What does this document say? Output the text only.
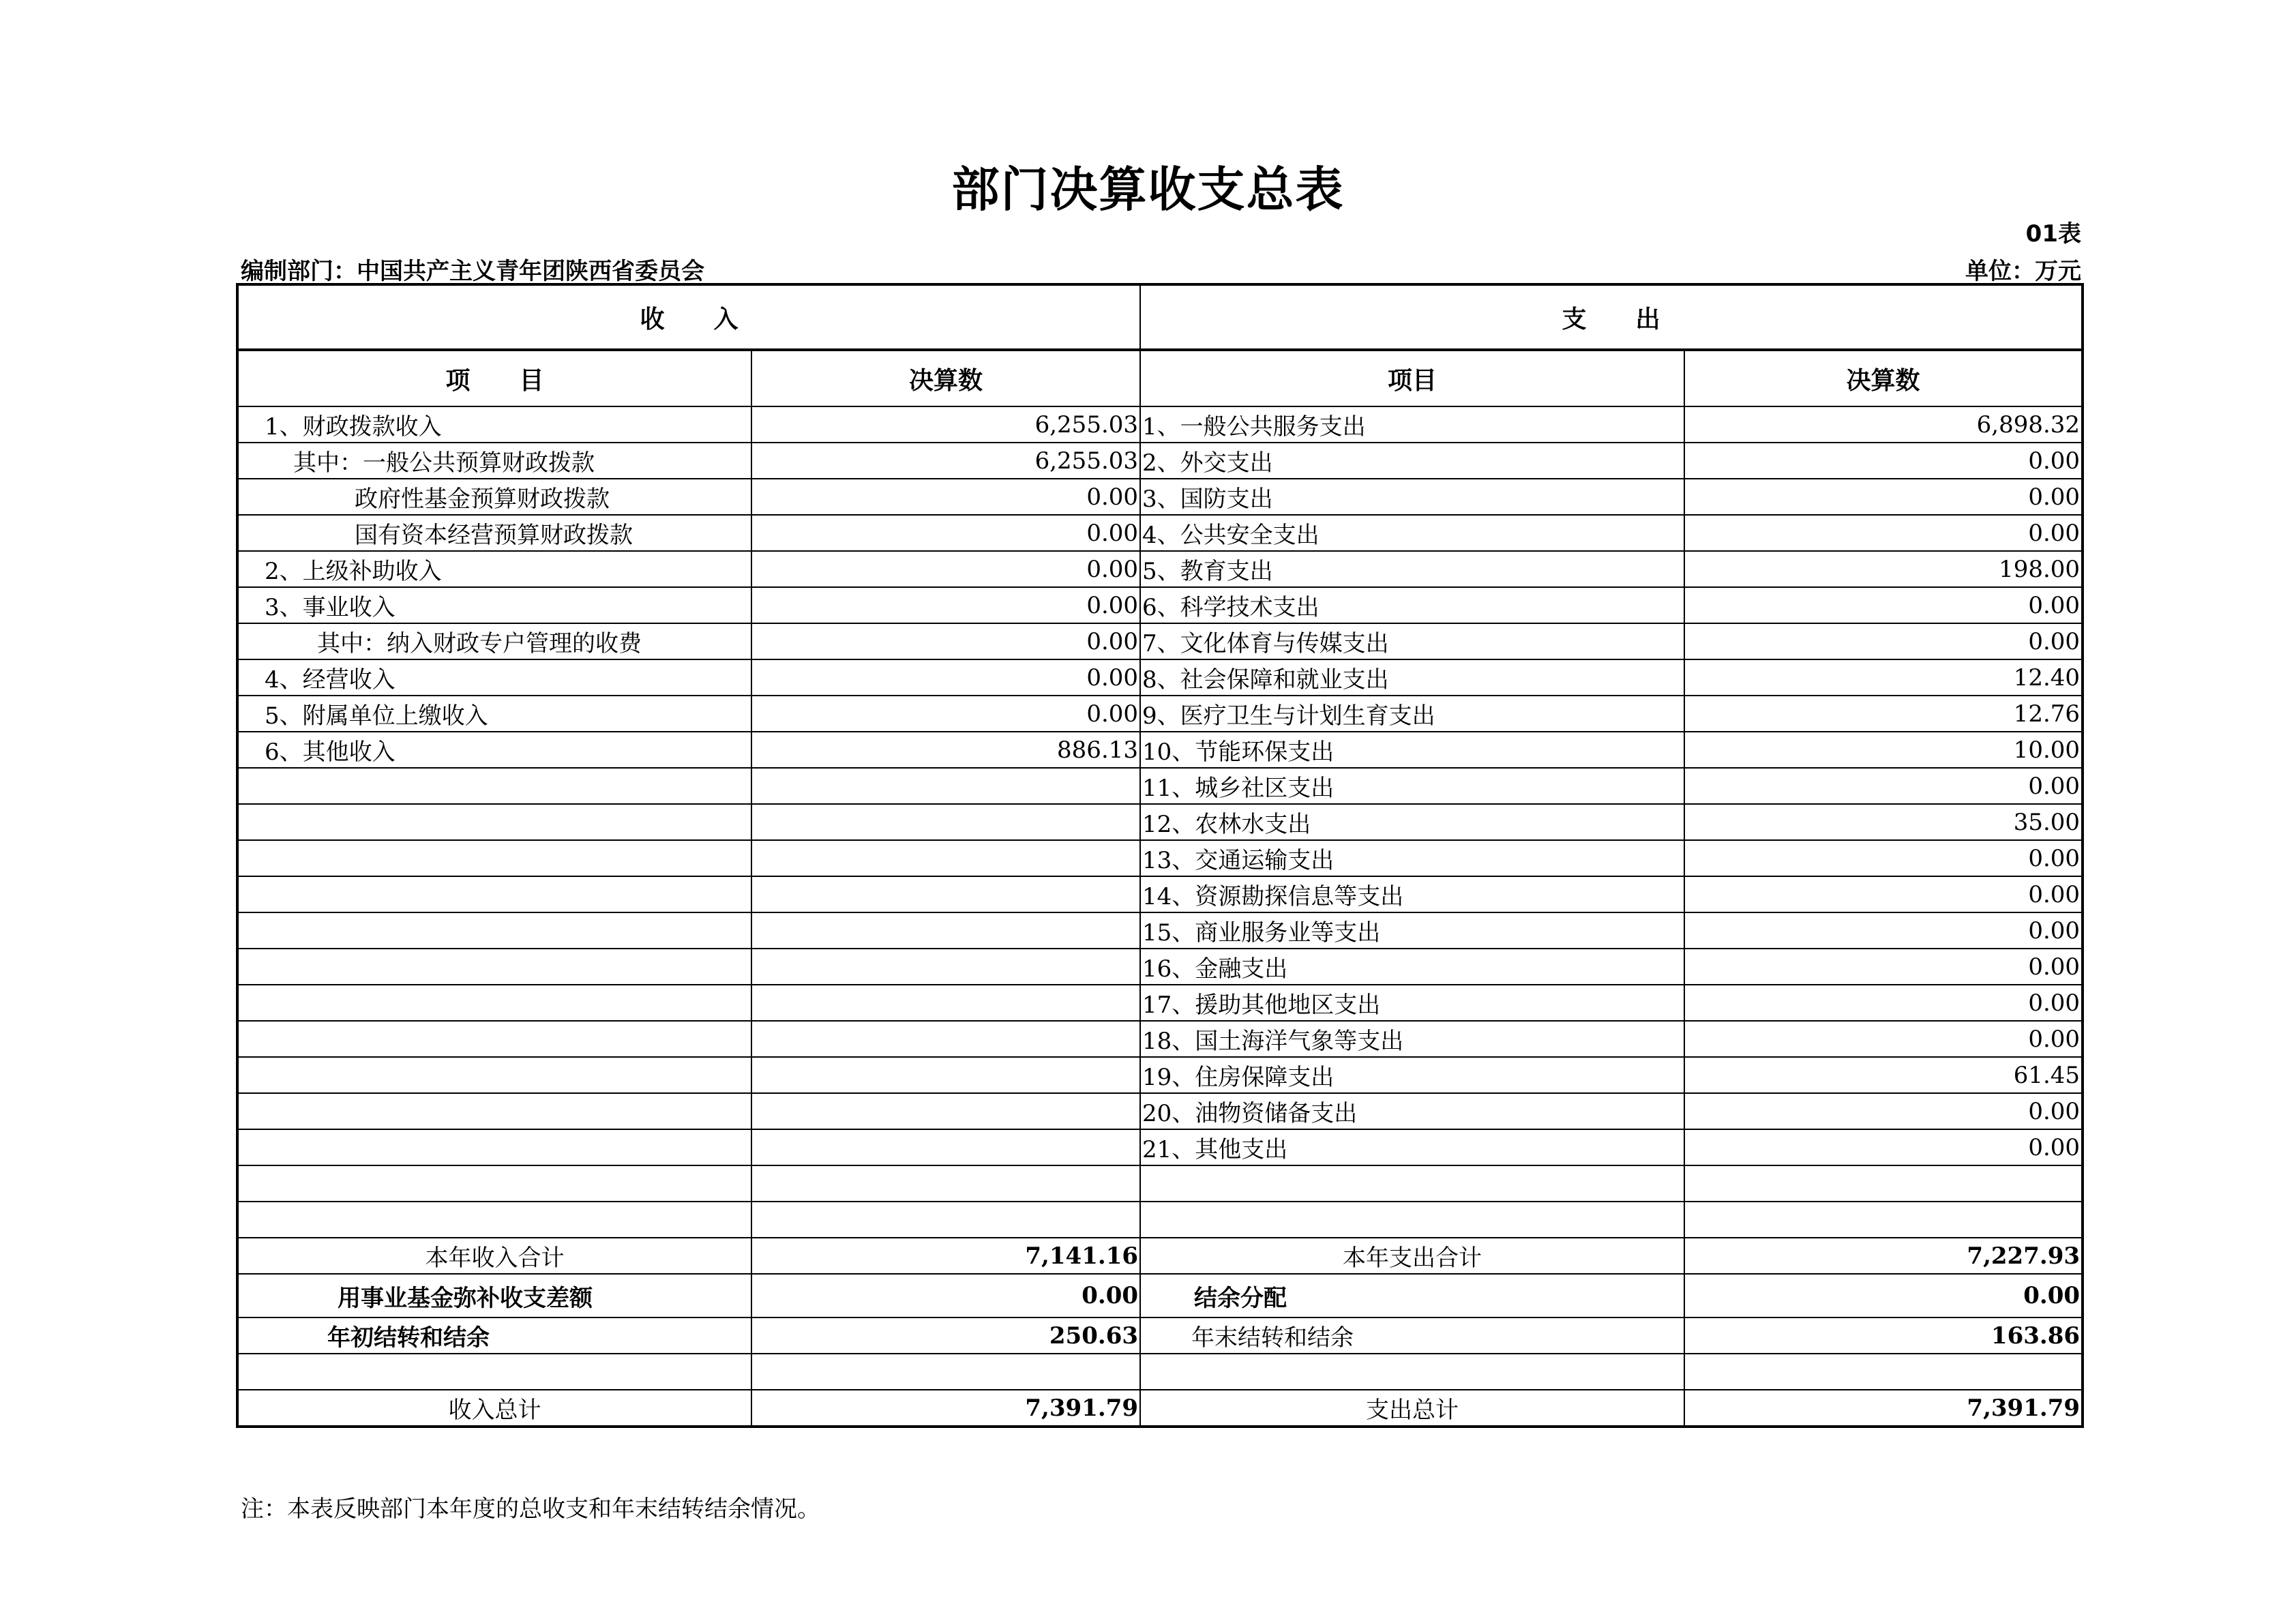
部门决算收支总表
01表
编制部门：中国共产主义青年团陕西省委员会	单位：万元
收　　入		支　　出	
项　　目	决算数	项目	决算数
1、财政拨款收入	6,255.03	1、一般公共服务支出	6,898.32
其中：一般公共预算财政拨款	6,255.03	2、外交支出	0.00
政府性基金预算财政拨款	0.00	3、国防支出	0.00
国有资本经营预算财政拨款	0.00	4、公共安全支出	0.00
2、上级补助收入	0.00	5、教育支出	198.00
3、事业收入	0.00	6、科学技术支出	0.00
其中：纳入财政专户管理的收费	0.00	7、文化体育与传媒支出	0.00
4、经营收入	0.00	8、社会保障和就业支出	12.40
5、附属单位上缴收入	0.00	9、医疗卫生与计划生育支出	12.76
6、其他收入	886.13	10、节能环保支出	10.00
		11、城乡社区支出	0.00
		12、农林水支出	35.00
		13、交通运输支出	0.00
		14、资源勘探信息等支出	0.00
		15、商业服务业等支出	0.00
		16、金融支出	0.00
		17、援助其他地区支出	0.00
		18、国土海洋气象等支出	0.00
		19、住房保障支出	61.45
		20、油物资储备支出	0.00
		21、其他支出	0.00

本年收入合计	7,141.16	本年支出合计	7,227.93
用事业基金弥补收支差额	0.00	结余分配	0.00
年初结转和结余	250.63	年末结转和结余	163.86

收入总计	7,391.79	支出总计	7,391.79
注：本表反映部门本年度的总收支和年末结转结余情况。
